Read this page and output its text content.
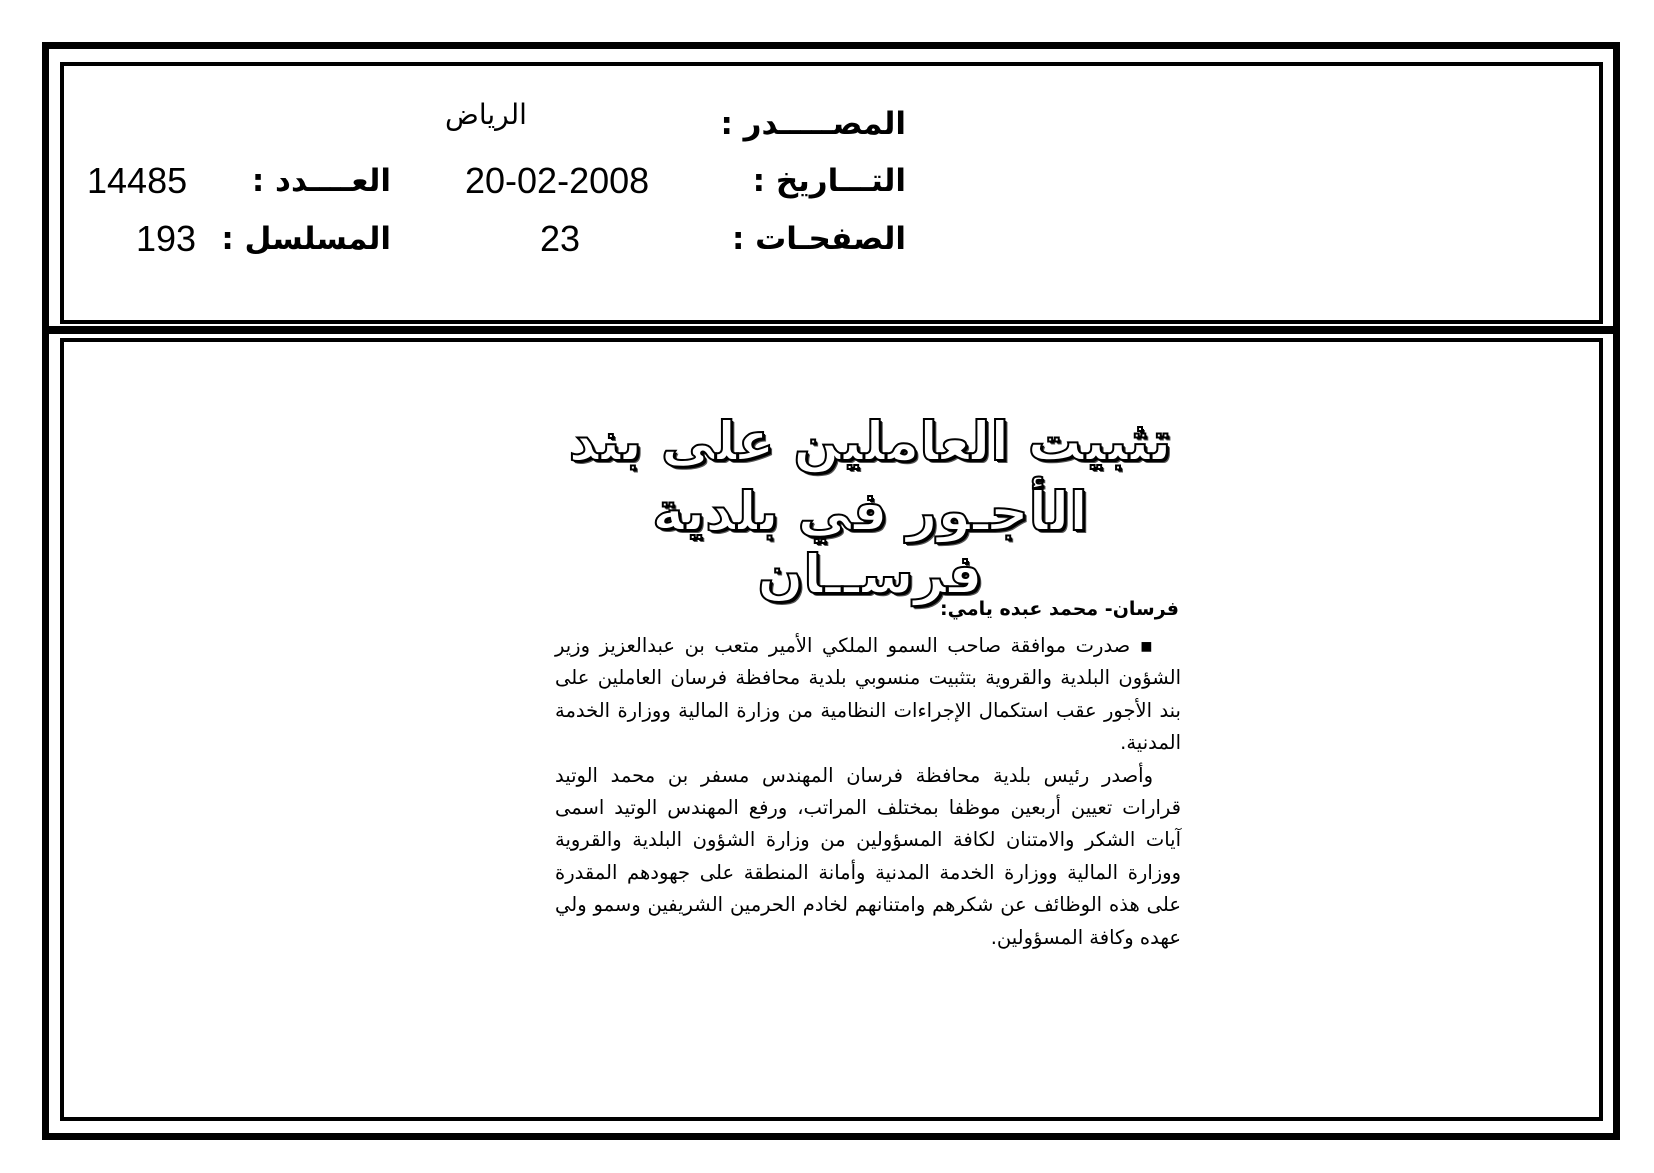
المصـــــدر :
الرياض
التـــاريخ :
20-02-2008
الصفحـات :
23
العــــدد :
14485
المسلسل :
193
تثبيت العاملين على بند
الأجـور في بلدية فرســان
فرسان- محمد عبده يامي:

▪ صدرت موافقة صاحب السمو الملكي الأمير متعب بن عبدالعزيز وزير الشؤون البلدية والقروية بتثبيت منسوبي بلدية محافظة فرسان العاملين على بند الأجور عقب استكمال الإجراءات النظامية من وزارة المالية ووزارة الخدمة المدنية.

وأصدر رئيس بلدية محافظة فرسان المهندس مسفر بن محمد الوتيد قرارات تعيين أربعين موظفا بمختلف المراتب، ورفع المهندس الوتيد اسمى آيات الشكر والامتنان لكافة المسؤولين من وزارة الشؤون البلدية والقروية ووزارة المالية ووزارة الخدمة المدنية وأمانة المنطقة على جهودهم المقدرة على هذه الوظائف عن شكرهم وامتنانهم لخادم الحرمين الشريفين وسمو ولي عهده وكافة المسؤولين.
